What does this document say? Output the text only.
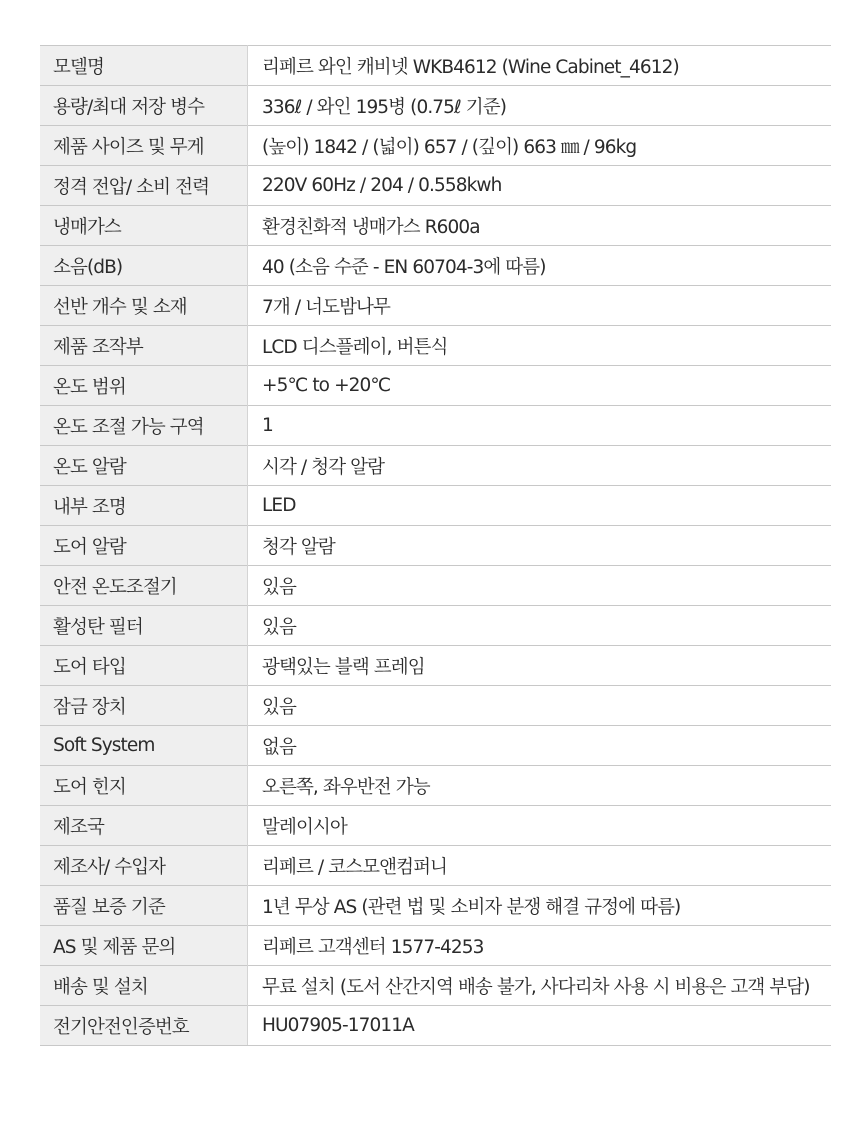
모델명	리페르 와인 캐비넷 WKB4612 (Wine Cabinet_4612)
용량/최대 저장 병수	336ℓ / 와인 195병 (0.75ℓ 기준)
제품 사이즈 및 무게	(높이) 1842 / (넓이) 657 / (깊이) 663 ㎜ / 96kg
정격 전압/ 소비 전력	220V 60Hz / 204 / 0.558kwh
냉매가스	환경친화적 냉매가스 R600a
소음(dB)	40 (소음 수준 - EN 60704-3에 따름)
선반 개수 및 소재	7개 / 너도밤나무
제품 조작부	LCD 디스플레이, 버튼식
온도 범위	+5℃ to +20℃
온도 조절 가능 구역	1
온도 알람	시각 / 청각 알람
내부 조명	LED
도어 알람	청각 알람
안전 온도조절기	있음
활성탄 필터	있음
도어 타입	광택있는 블랙 프레임
잠금 장치	있음
Soft System	없음
도어 힌지	오른쪽, 좌우반전 가능
제조국	말레이시아
제조사/ 수입자	리페르 / 코스모앤컴퍼니
품질 보증 기준	1년 무상 AS (관련 법 및 소비자 분쟁 해결 규정에 따름)
AS 및 제품 문의	리페르 고객센터 1577-4253
배송 및 설치	무료 설치 (도서 산간지역 배송 불가, 사다리차 사용 시 비용은 고객 부담)
전기안전인증번호	HU07905-17011A
